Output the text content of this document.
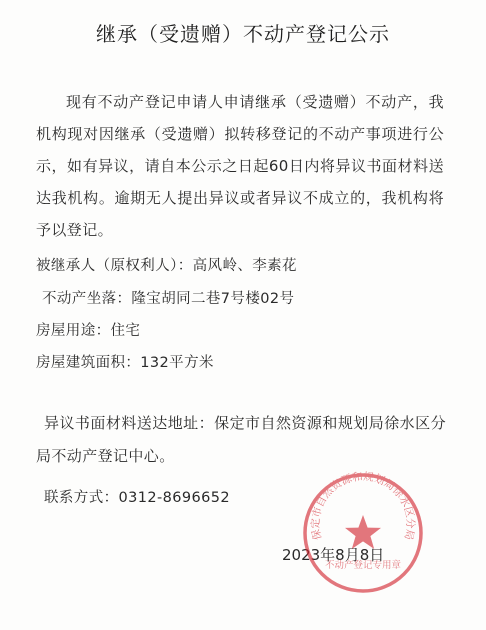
继承（受遗赠）不动产登记公示
现有不动产登记申请人申请继承（受遗赠）不动产，我机构现对因继承（受遗赠）拟转移登记的不动产事项进行公示，如有异议，请自本公示之日起60日内将异议书面材料送达我机构。逾期无人提出异议或者异议不成立的，我机构将予以登记。
被继承人（原权利人）：高风岭、李素花
不动产坐落：隆宝胡同二巷7号楼02号
房屋用途：住宅
房屋建筑面积：132平方米
异议书面材料送达地址：保定市自然资源和规划局徐水区分局不动产登记中心。
联系方式：0312-8696652
2023年8月8日
保定市自然资源和规划局徐水区分局
不动产登记专用章
